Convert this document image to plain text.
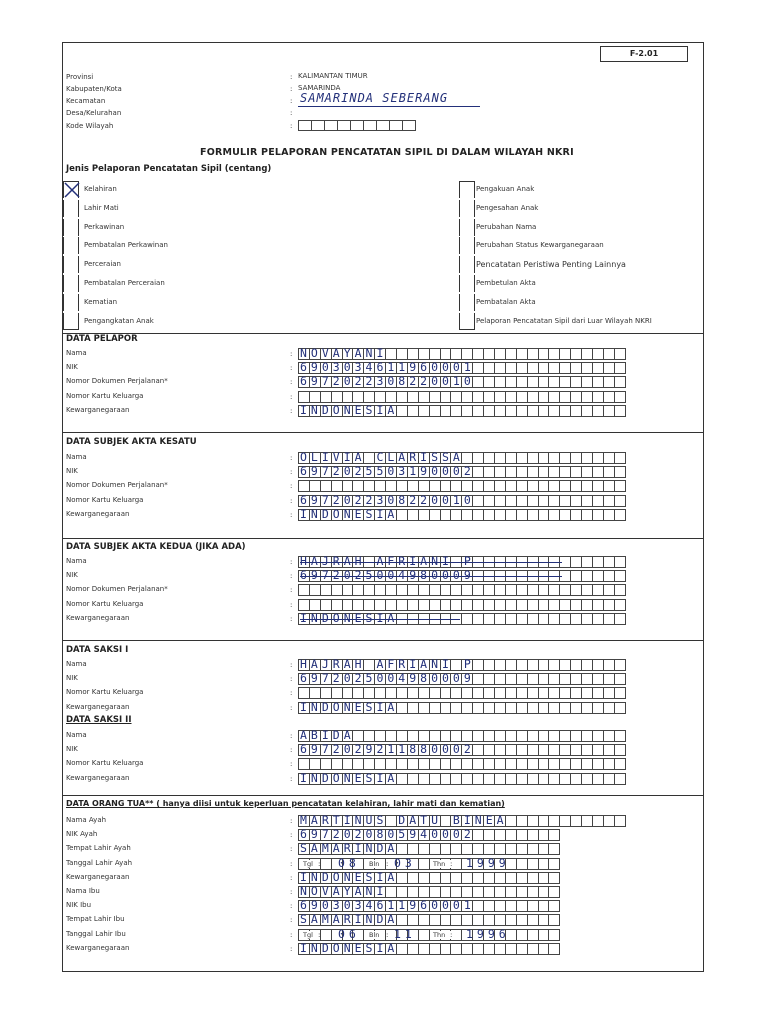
F-2.01
Provinsi	: KALIMANTAN TIMUR
Kabupaten/Kota	: SAMARINDA
Kecamatan	: SAMARINDA SEBERANG
Desa/Kelurahan	:
Kode Wilayah	:
FORMULIR PELAPORAN PENCATATAN SIPIL DI DALAM WILAYAH NKRI
Jenis Pelaporan Pencatatan Sipil (centang)
Kelahiran
Lahir Mati
Perkawinan
Pembatalan Perkawinan
Perceraian
Pembatalan Perceraian
Kematian
Pengangkatan Anak
Pengakuan Anak
Pengesahan Anak
Perubahan Nama
Perubahan Status Kewarganegaraan
Pencatatan Peristiwa Penting Lainnya
Pembetulan Akta
Pembatalan Akta
Pelaporan Pencatatan Sipil dari Luar Wilayah NKRI
DATA PELAPOR
Nama	: NOVAYANI
NIK	: 6903034611960001
Nomor Dokumen Perjalanan*	: 6972022308220010
Nomor Kartu Keluarga	:
Kewarganegaraan	: INDONESIA
DATA SUBJEK AKTA KESATU
Nama	: OLIVIA CLARISSA
NIK	: 6972025503190002
Nomor Dokumen Perjalanan*	:
Nomor Kartu Keluarga	: 6972022308220010
Kewarganegaraan	: INDONESIA
DATA SUBJEK AKTA KEDUA (JIKA ADA)
Nama	: HAJRAH AFRIANI P
NIK	: 6972025004980009
Nomor Dokumen Perjalanan*	:
Nomor Kartu Keluarga	:
Kewarganegaraan	: INDONESIA
DATA SAKSI I
Nama	: HAJRAH AFRIANI P
NIK	: 6972025004980009
Nomor Kartu Keluarga	:
Kewarganegaraan	: INDONESIA
DATA SAKSI II
Nama	: ABIDA
NIK	: 6972029211880002
Nomor Kartu Keluarga	:
Kewarganegaraan	: INDONESIA
DATA ORANG TUA** ( hanya diisi untuk keperluan pencatatan kelahiran, lahir mati dan kematian)
Nama Ayah	: MARTINUS DATU BINEA
NIK Ayah	: 6972020805940002
Tempat Lahir Ayah	: SAMARINDA
Tanggal Lahir Ayah	: Tgl 08 Bln 03	Thn 1999
:	:	:
Kewarganegaraan	: INDONESIA
Nama Ibu	: NOVAYANI
NIK Ibu	: 6903034611960001
Tempat Lahir Ibu	: SAMARINDA
Tanggal Lahir Ibu	: Tgl 06 Bln 11	Thn 1996
:	:	:
Kewarganegaraan	: INDONESIA
